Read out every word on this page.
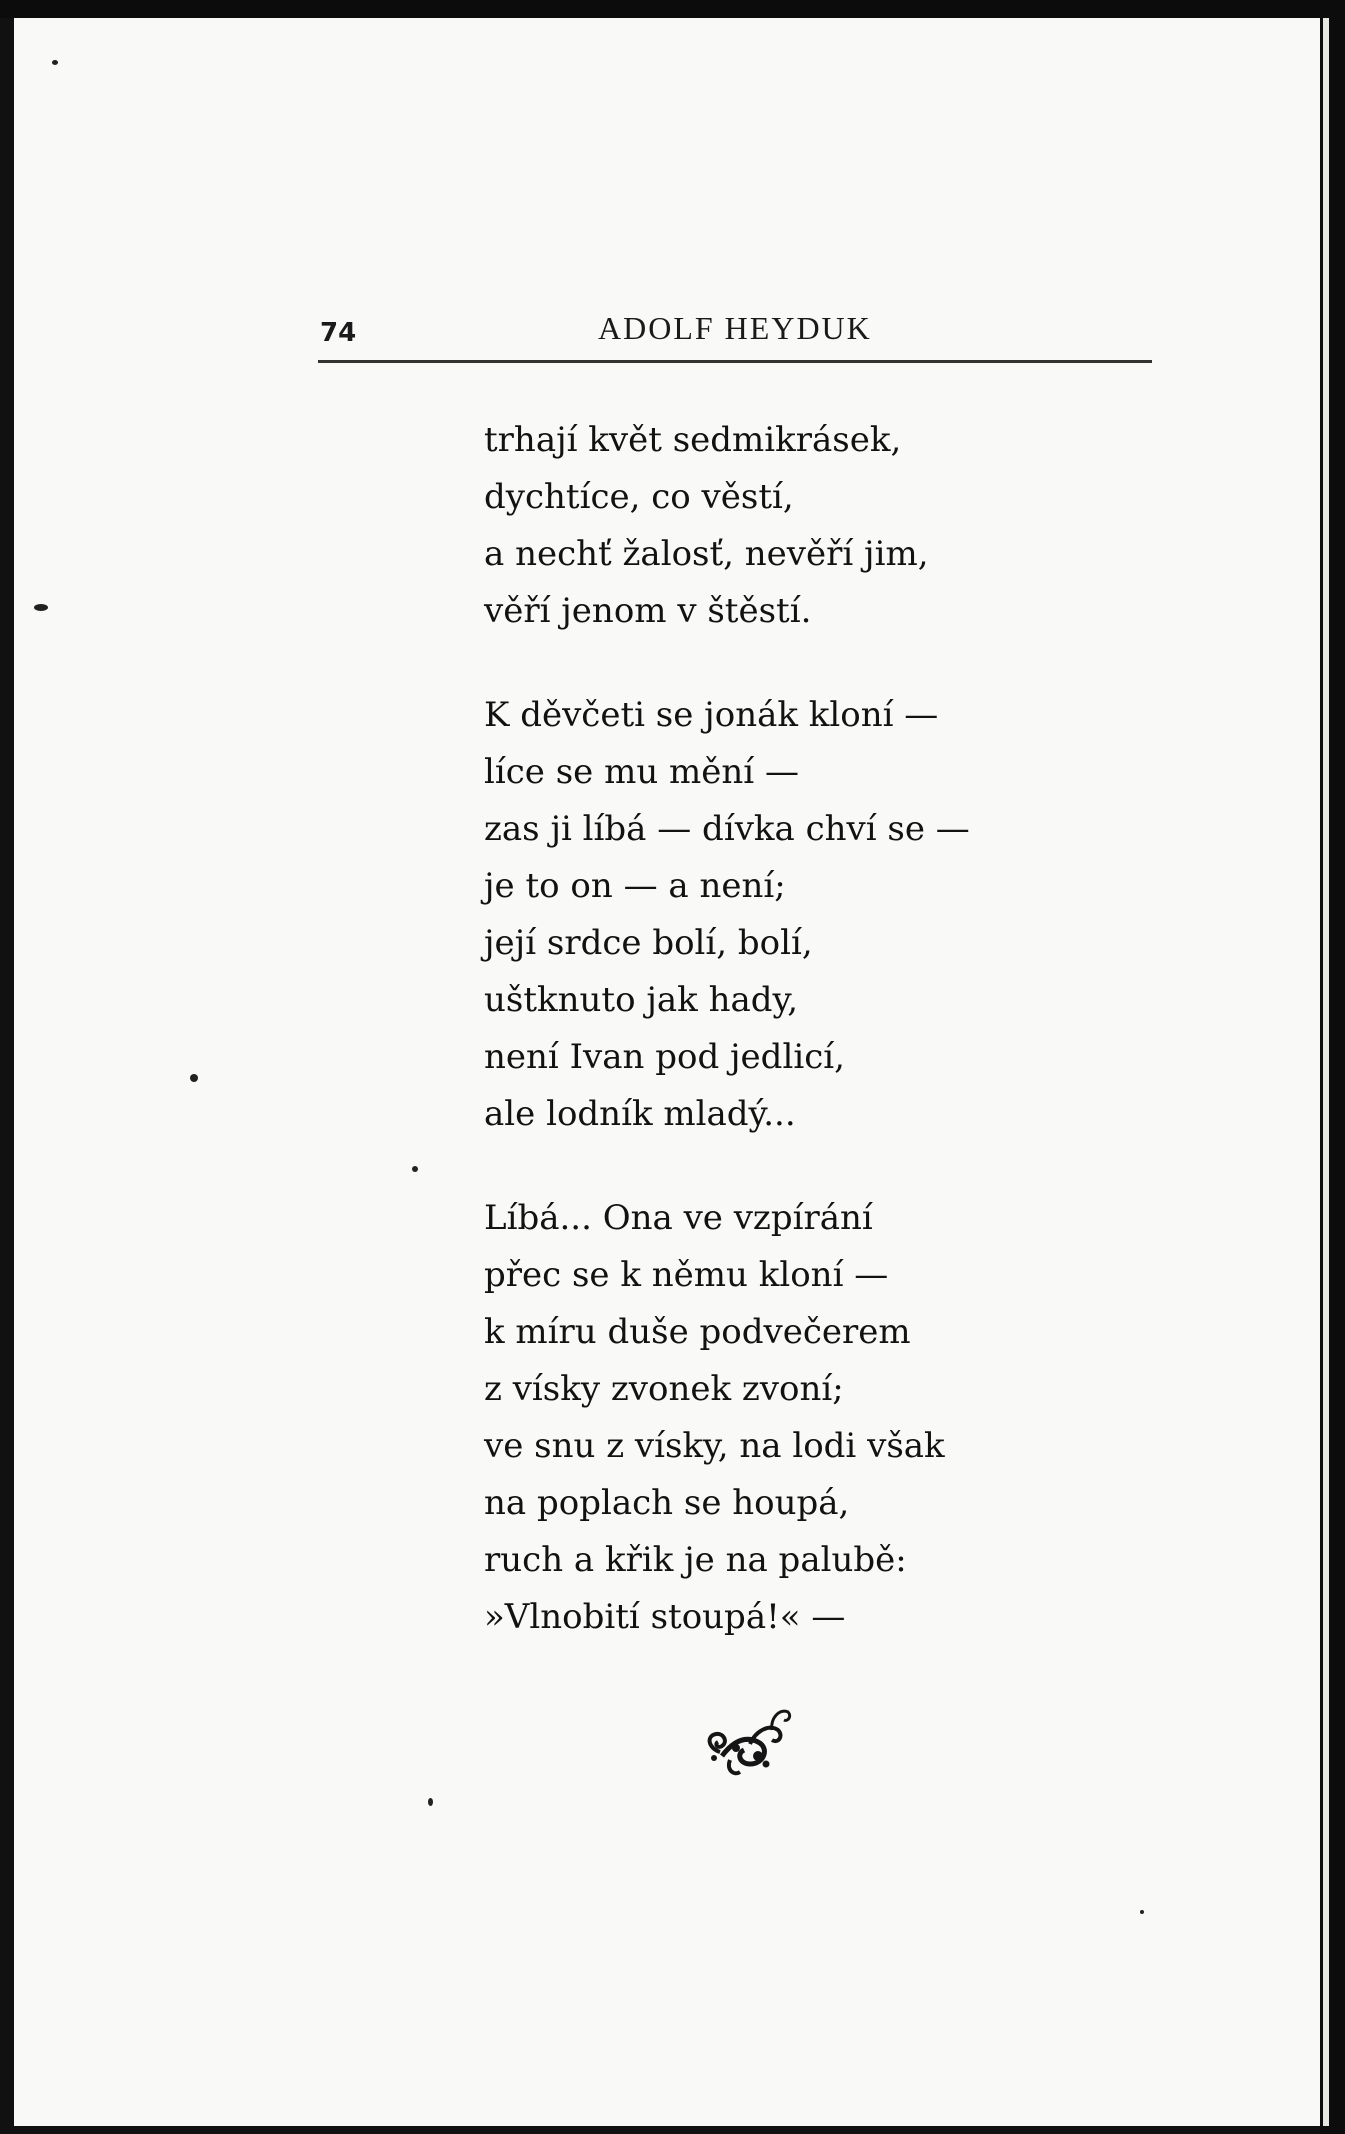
74	ADOLF HEYDUK
trhají květ sedmikrásek,
dychtíce, co věstí,
a nechť žalosť, nevěří jim,
věří jenom v štěstí.
K děvčeti se jonák kloní —
líce se mu mění —
zas ji líbá — dívka chví se —
je to on — a není;
její srdce bolí, bolí,
uštknuto jak hady,
není Ivan pod jedlicí,
ale lodník mladý...
Líbá... Ona ve vzpírání
přec se k němu kloní —
k míru duše podvečerem
z vísky zvonek zvoní;
ve snu z vísky, na lodi však
na poplach se houpá,
ruch a křik je na palubě:
»Vlnobití stoupá!« —
